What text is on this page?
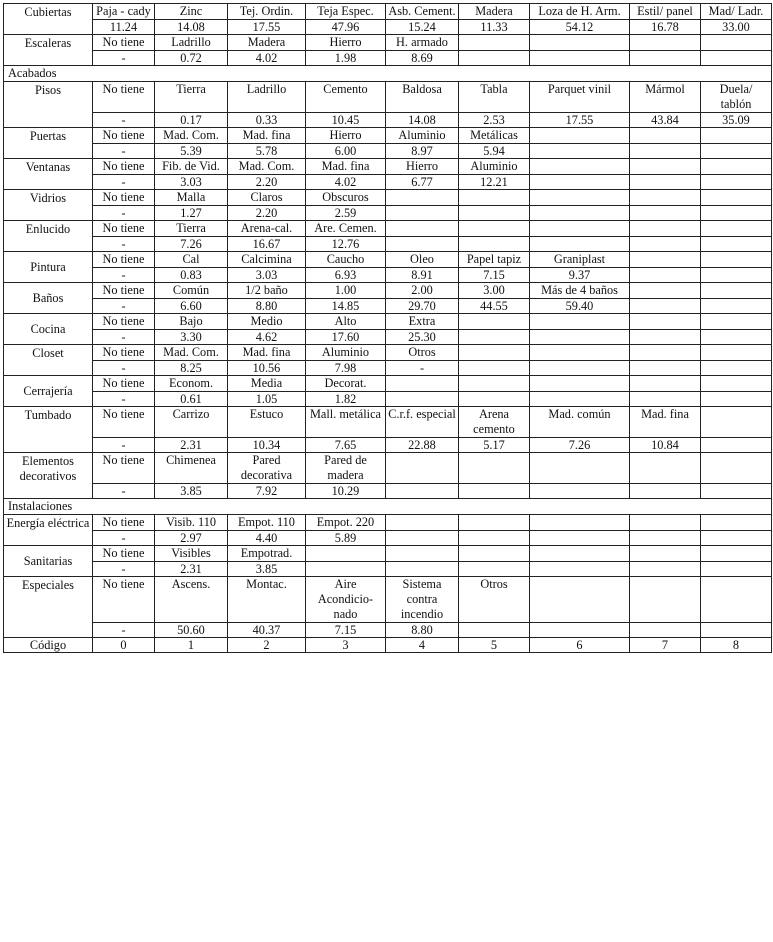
Cubiertas	Paja - cady	Zinc	Tej. Ordin.	Teja Espec.	Asb. Cement.	Madera	Loza de H. Arm.	Estil/ panel	Mad/ Ladr.
	11.24	14.08	17.55	47.96	15.24	11.33	54.12	16.78	33.00
Escaleras	No tiene	Ladrillo	Madera	Hierro	H. armado				
	-	0.72	4.02	1.98	8.69				
Acabados									
Pisos	No tiene	Tierra	Ladrillo	Cemento	Baldosa	Tabla	Parquet vinil	Mármol	Duela/ tablón
	-	0.17	0.33	10.45	14.08	2.53	17.55	43.84	35.09
Puertas	No tiene	Mad. Com.	Mad. fina	Hierro	Aluminio	Metálicas			
	-	5.39	5.78	6.00	8.97	5.94			
Ventanas	No tiene	Fib. de Vid.	Mad. Com.	Mad. fina	Hierro	Aluminio			
	-	3.03	2.20	4.02	6.77	12.21			
Vidrios	No tiene	Malla	Claros	Obscuros					
	-	1.27	2.20	2.59					
Enlucido	No tiene	Tierra	Arena-cal.	Are. Cemen.					
	-	7.26	16.67	12.76					
Pintura	No tiene	Cal	Calcimina	Caucho	Oleo	Papel tapiz	Graniplast		
	-	0.83	3.03	6.93	8.91	7.15	9.37		
Baños	No tiene	Común	1/2 baño	1.00	2.00	3.00	Más de 4 baños		
	-	6.60	8.80	14.85	29.70	44.55	59.40		
Cocina	No tiene	Bajo	Medio	Alto	Extra				
	-	3.30	4.62	17.60	25.30				
Closet	No tiene	Mad. Com.	Mad. fina	Aluminio	Otros				
	-	8.25	10.56	7.98	-				
Cerrajería	No tiene	Econom.	Media	Decorat.					
	-	0.61	1.05	1.82					
Tumbado	No tiene	Carrizo	Estuco	Mall. metálica	C.r.f. especial	Arena cemento	Mad. común	Mad. fina	
	-	2.31	10.34	7.65	22.88	5.17	7.26	10.84	
Elementos decorativos	No tiene	Chimenea	Pared decorativa	Pared de madera					
	-	3.85	7.92	10.29					
Instalaciones									
Energía eléctrica	No tiene	Visib. 110	Empot. 110	Empot. 220					
	-	2.97	4.40	5.89					
Sanitarias	No tiene	Visibles	Empotrad.						
	-	2.31	3.85						
Especiales	No tiene	Ascens.	Montac.	Aire Acondicio-nado	Sistema contra incendio	Otros			
	-	50.60	40.37	7.15	8.80				
Código	0	1	2	3	4	5	6	7	8
